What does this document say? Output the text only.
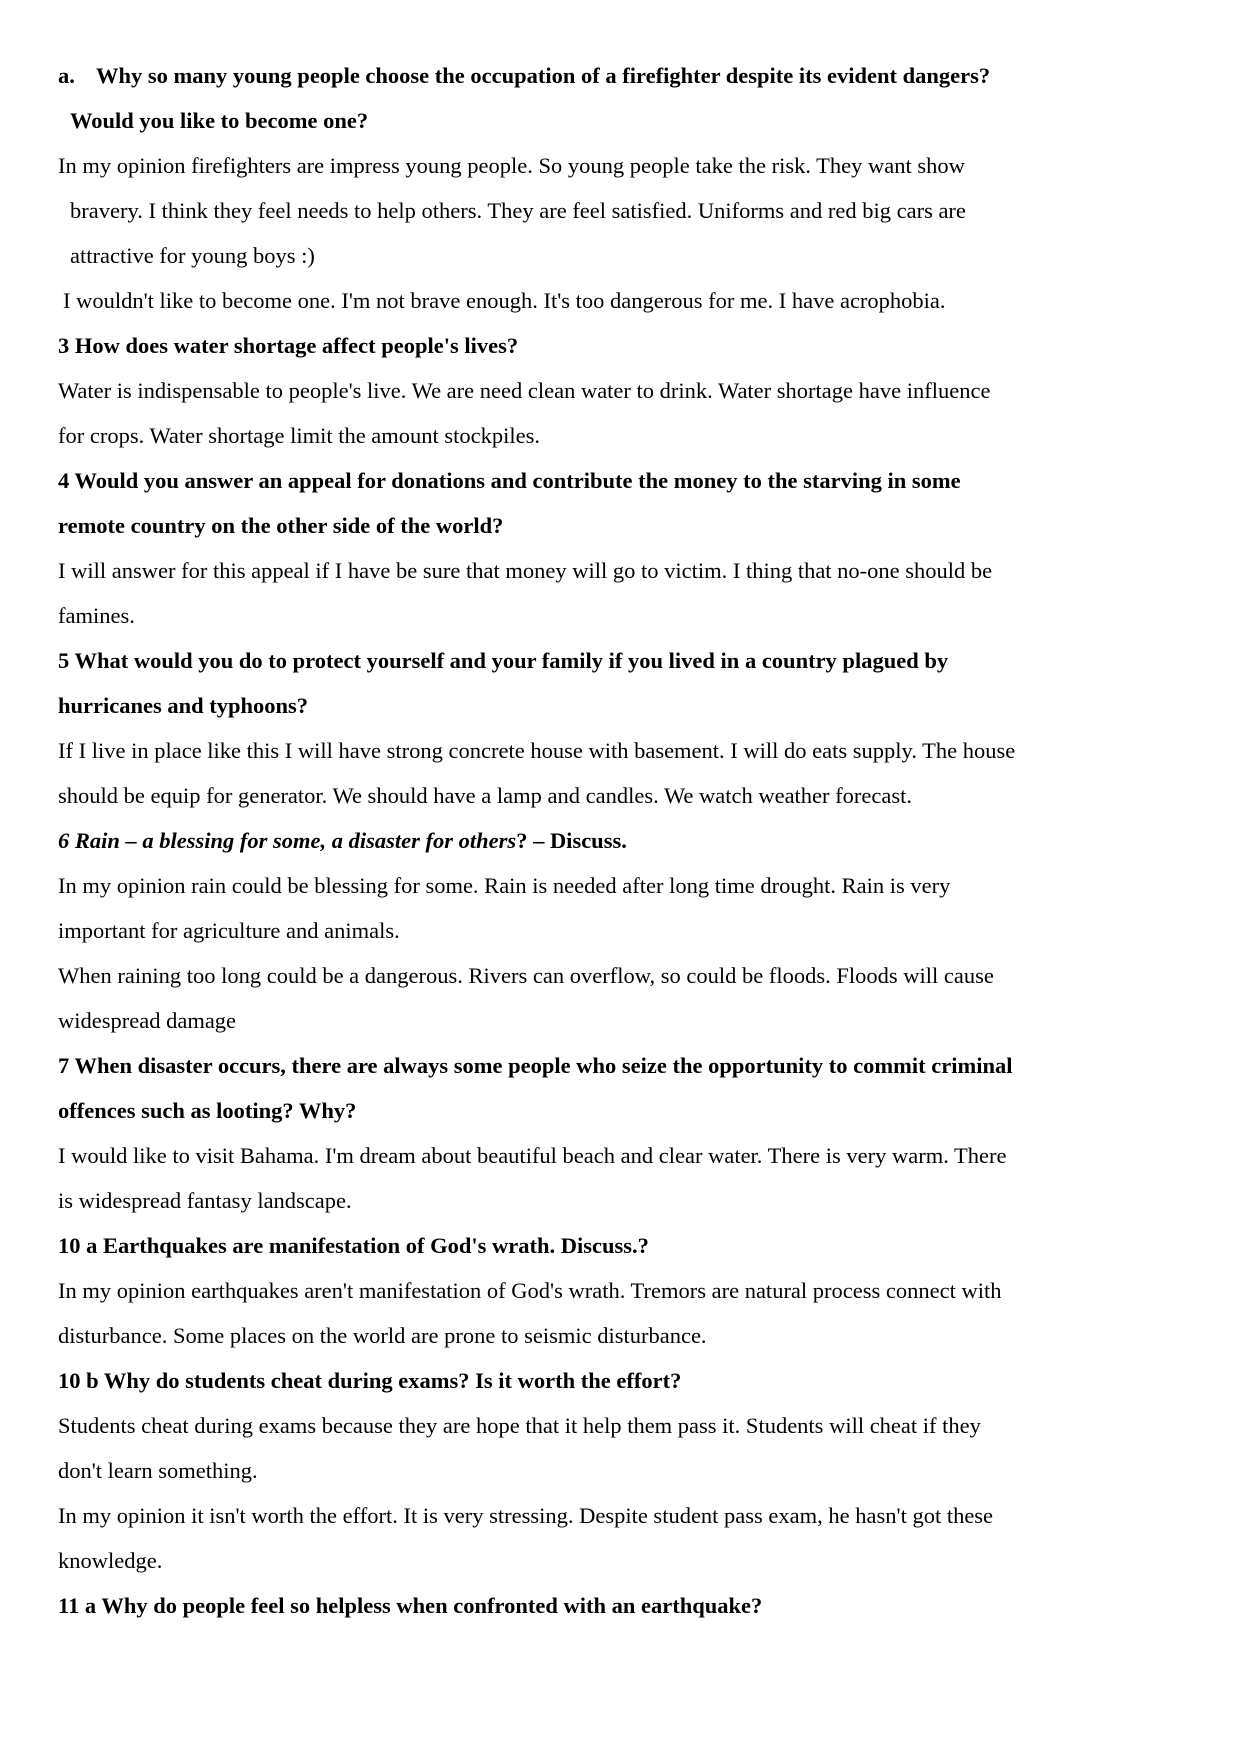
a. Why so many young people choose the occupation of a firefighter despite its evident dangers?

Would you like to become one?

In my opinion firefighters are impress young people. So young people take the risk. They want show

bravery. I think they feel needs to help others. They are feel satisfied. Uniforms and red big cars are

attractive for young boys :)

I wouldn't like to become one. I'm not brave enough. It's too dangerous for me. I have acrophobia.

3 How does water shortage affect people's lives?

Water is indispensable to people's live. We are need clean water to drink. Water shortage have influence

for crops. Water shortage limit the amount stockpiles.

4 Would you answer an appeal for donations and contribute the money to the starving in some

remote country on the other side of the world?

I will answer for this appeal if I have be sure that money will go to victim. I thing that no-one should be

famines.

5 What would you do to protect yourself and your family if you lived in a country plagued by

hurricanes and typhoons?

If I live in place like this I will have strong concrete house with basement. I will do eats supply. The house

should be equip for generator. We should have a lamp and candles. We watch weather forecast.

6 Rain – a blessing for some, a disaster for others? – Discuss.

In my opinion rain could be blessing for some. Rain is needed after long time drought. Rain is very

important for agriculture and animals.

When raining too long could be a dangerous. Rivers can overflow, so could be floods. Floods will cause

widespread damage

7 When disaster occurs, there are always some people who seize the opportunity to commit criminal

offences such as looting? Why?

I would like to visit Bahama. I'm dream about beautiful beach and clear water. There is very warm. There

is widespread fantasy landscape.

10 a Earthquakes are manifestation of God's wrath. Discuss.?

In my opinion earthquakes aren't manifestation of God's wrath. Tremors are natural process connect with

disturbance. Some places on the world are prone to seismic disturbance.

10 b Why do students cheat during exams? Is it worth the effort?

Students cheat during exams because they are hope that it help them pass it. Students will cheat if they

don't learn something.

In my opinion it isn't worth the effort. It is very stressing. Despite student pass exam, he hasn't got these

knowledge.

11 a Why do people feel so helpless when confronted with an earthquake?
